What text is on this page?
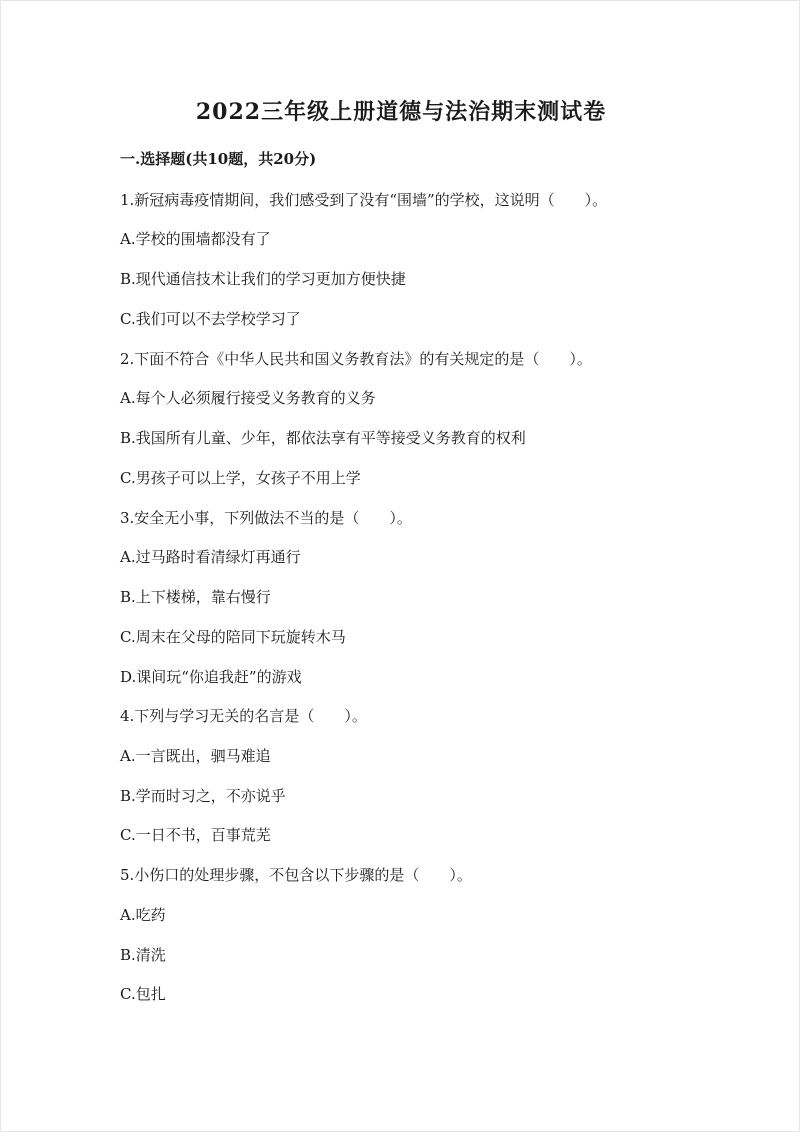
2022三年级上册道德与法治期末测试卷
一.选择题(共10题，共20分)
1.新冠病毒疫情期间，我们感受到了没有“围墙”的学校，这说明（　　）。
A.学校的围墙都没有了
B.现代通信技术让我们的学习更加方便快捷
C.我们可以不去学校学习了
2.下面不符合《中华人民共和国义务教育法》的有关规定的是（　　）。
A.每个人必须履行接受义务教育的义务
B.我国所有儿童、少年，都依法享有平等接受义务教育的权利
C.男孩子可以上学，女孩子不用上学
3.安全无小事，下列做法不当的是（　　）。
A.过马路时看清绿灯再通行
B.上下楼梯，靠右慢行
C.周末在父母的陪同下玩旋转木马
D.课间玩“你追我赶”的游戏
4.下列与学习无关的名言是（　　）。
A.一言既出，驷马难追
B.学而时习之，不亦说乎
C.一日不书，百事荒芜
5.小伤口的处理步骤，不包含以下步骤的是（　　）。
A.吃药
B.清洗
C.包扎
